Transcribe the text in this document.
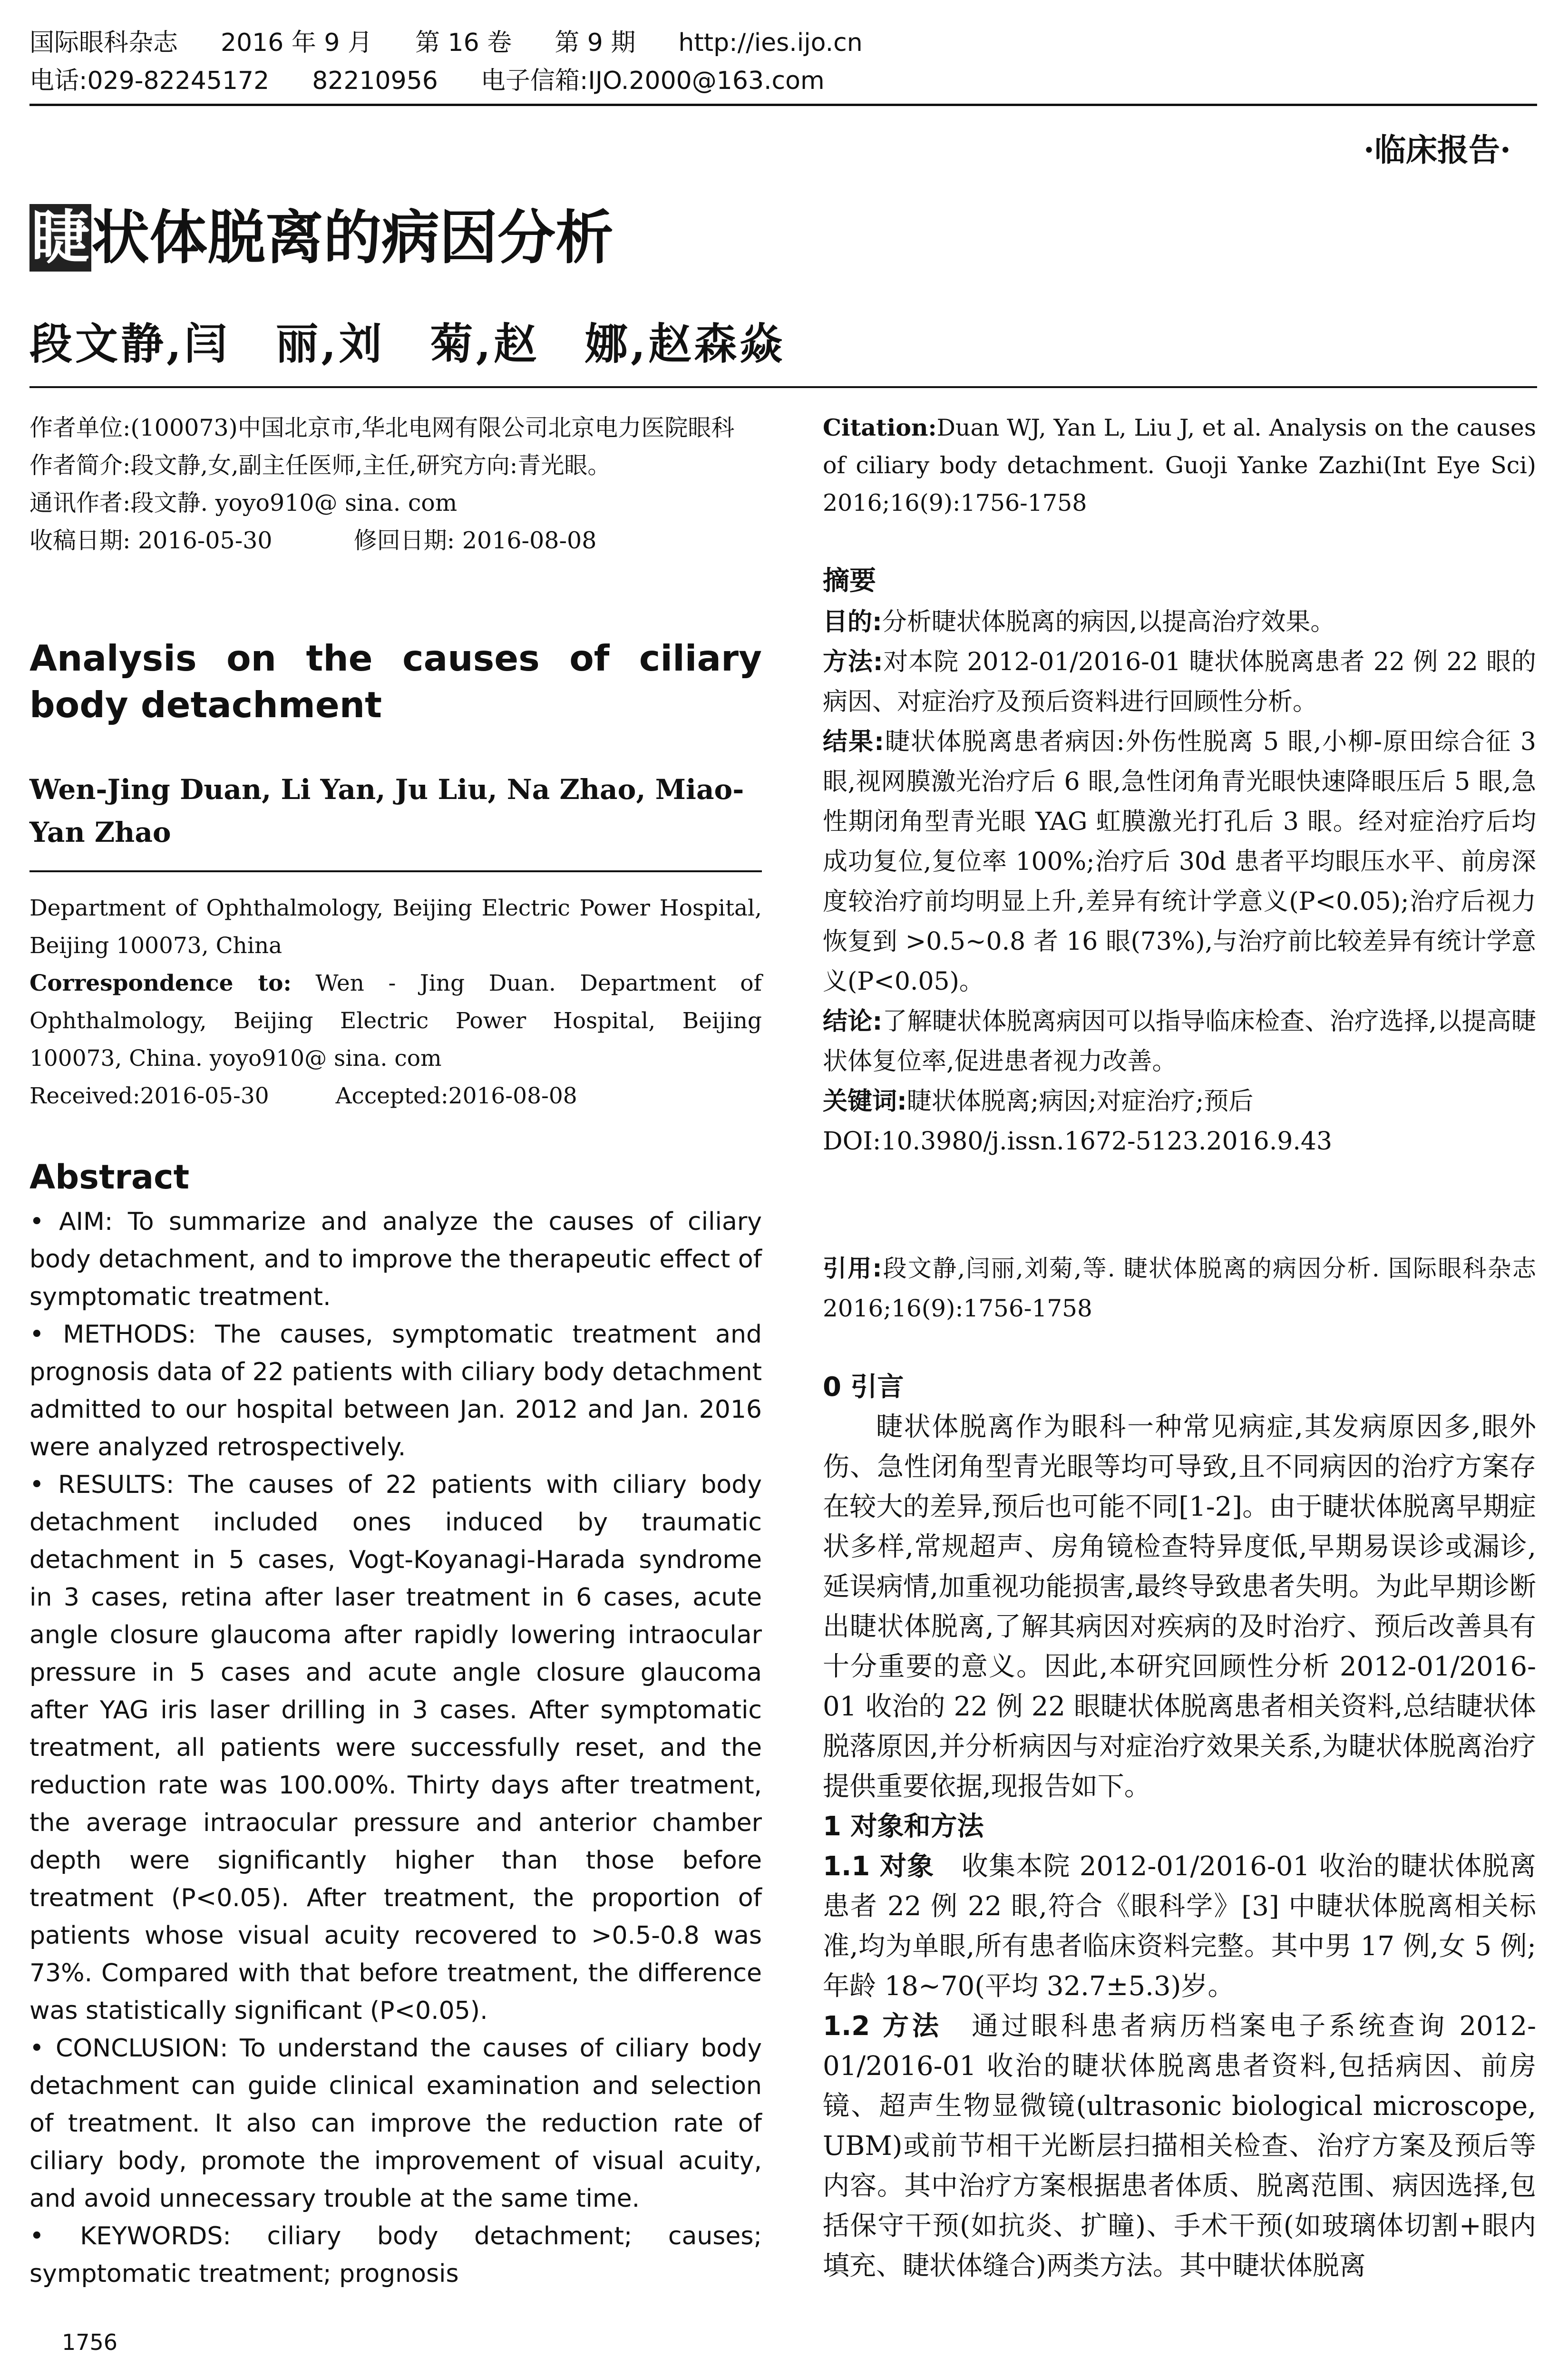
国际眼科杂志 2016 年 9 月 第 16 卷 第 9 期 http://ies.ijo.cn
电话:029-82245172 82210956 电子信箱:IJO.2000@163.com
·临床报告·
睫状体脱离的病因分析
段文静,闫　丽,刘　菊,赵　娜,赵森焱
作者单位:(100073)中国北京市,华北电网有限公司北京电力医院眼科
作者简介:段文静,女,副主任医师,主任,研究方向:青光眼。
通讯作者:段文静. yoyo910@ sina. com
收稿日期: 2016-05-30	修回日期: 2016-08-08
Analysis on the causes of ciliary body detachment
Wen-Jing Duan, Li Yan, Ju Liu, Na Zhao, Miao-Yan Zhao

Department of Ophthalmology, Beijing Electric Power Hospital, Beijing 100073, China

Correspondence to: Wen - Jing Duan. Department of Ophthalmology, Beijing Electric Power Hospital, Beijing 100073, China. yoyo910@ sina. com

Received:2016-05-30	Accepted:2016-08-08

Abstract

• AIM: To summarize and analyze the causes of ciliary body detachment, and to improve the therapeutic effect of symptomatic treatment.

• METHODS: The causes, symptomatic treatment and prognosis data of 22 patients with ciliary body detachment admitted to our hospital between Jan. 2012 and Jan. 2016 were analyzed retrospectively.

• RESULTS: The causes of 22 patients with ciliary body detachment included ones induced by traumatic detachment in 5 cases, Vogt-Koyanagi-Harada syndrome in 3 cases, retina after laser treatment in 6 cases, acute angle closure glaucoma after rapidly lowering intraocular pressure in 5 cases and acute angle closure glaucoma after YAG iris laser drilling in 3 cases. After symptomatic treatment, all patients were successfully reset, and the reduction rate was 100.00%. Thirty days after treatment, the average intraocular pressure and anterior chamber depth were significantly higher than those before treatment (P<0.05). After treatment, the proportion of patients whose visual acuity recovered to >0.5-0.8 was 73%. Compared with that before treatment, the difference was statistically significant (P<0.05).

• CONCLUSION: To understand the causes of ciliary body detachment can guide clinical examination and selection of treatment. It also can improve the reduction rate of ciliary body, promote the improvement of visual acuity, and avoid unnecessary trouble at the same time.

• KEYWORDS: ciliary body detachment; causes; symptomatic treatment; prognosis

Citation:Duan WJ, Yan L, Liu J, et al. Analysis on the causes of ciliary body detachment. Guoji Yanke Zazhi(Int Eye Sci) 2016;16(9):1756-1758
摘要

目的:分析睫状体脱离的病因,以提高治疗效果。

方法:对本院 2012-01/2016-01 睫状体脱离患者 22 例 22 眼的病因、对症治疗及预后资料进行回顾性分析。

结果:睫状体脱离患者病因:外伤性脱离 5 眼,小柳-原田综合征 3 眼,视网膜激光治疗后 6 眼,急性闭角青光眼快速降眼压后 5 眼,急性期闭角型青光眼 YAG 虹膜激光打孔后 3 眼。经对症治疗后均成功复位,复位率 100%;治疗后 30d 患者平均眼压水平、前房深度较治疗前均明显上升,差异有统计学意义(P<0.05);治疗后视力恢复到 >0.5~0.8 者 16 眼(73%),与治疗前比较差异有统计学意义(P<0.05)。

结论:了解睫状体脱离病因可以指导临床检查、治疗选择,以提高睫状体复位率,促进患者视力改善。

关键词:睫状体脱离;病因;对症治疗;预后

DOI:10.3980/j.issn.1672-5123.2016.9.43

引用:段文静,闫丽,刘菊,等. 睫状体脱离的病因分析. 国际眼科杂志 2016;16(9):1756-1758
0 引言

睫状体脱离作为眼科一种常见病症,其发病原因多,眼外伤、急性闭角型青光眼等均可导致,且不同病因的治疗方案存在较大的差异,预后也可能不同[1-2]。由于睫状体脱离早期症状多样,常规超声、房角镜检查特异度低,早期易误诊或漏诊,延误病情,加重视功能损害,最终导致患者失明。为此早期诊断出睫状体脱离,了解其病因对疾病的及时治疗、预后改善具有十分重要的意义。因此,本研究回顾性分析 2012-01/2016-01 收治的 22 例 22 眼睫状体脱离患者相关资料,总结睫状体脱落原因,并分析病因与对症治疗效果关系,为睫状体脱离治疗提供重要依据,现报告如下。

1 对象和方法

1.1 对象　 收集本院 2012-01/2016-01 收治的睫状体脱离患者 22 例 22 眼,符合《眼科学》[3] 中睫状体脱离相关标准,均为单眼,所有患者临床资料完整。其中男 17 例,女 5 例;年龄 18~70(平均 32.7±5.3)岁。

1.2 方法　 通过眼科患者病历档案电子系统查询 2012-01/2016-01 收治的睫状体脱离患者资料,包括病因、前房镜、超声生物显微镜(ultrasonic biological microscope, UBM)或前节相干光断层扫描相关检查、治疗方案及预后等内容。其中治疗方案根据患者体质、脱离范围、病因选择,包括保守干预(如抗炎、扩瞳)、手术干预(如玻璃体切割+眼内填充、睫状体缝合)两类方法。其中睫状体脱离

1756
